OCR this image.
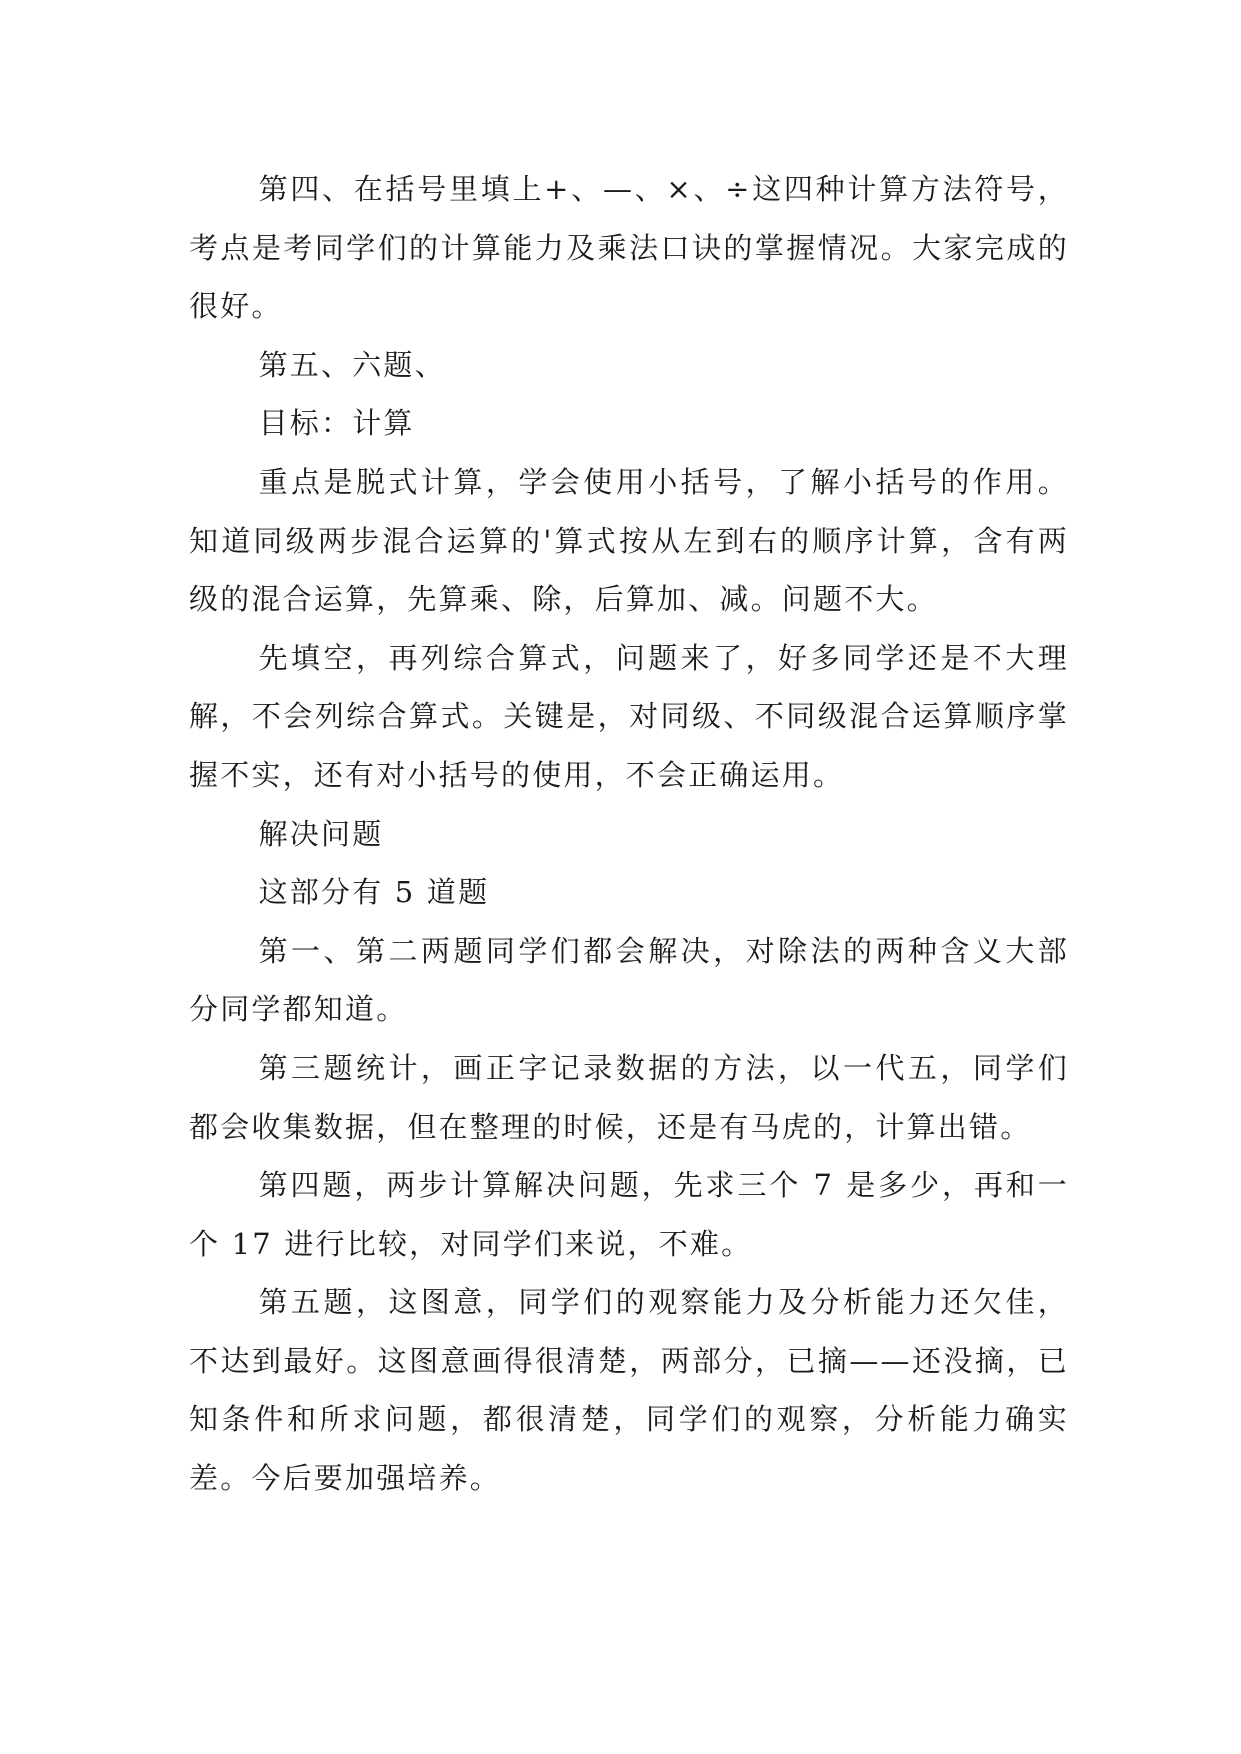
第四、在括号里填上+、—、×、÷这四种计算方法符号，考点是考同学们的计算能力及乘法口诀的掌握情况。大家完成的很好。

第五、六题、

目标：计算

重点是脱式计算，学会使用小括号，了解小括号的作用。知道同级两步混合运算的'算式按从左到右的顺序计算，含有两级的混合运算，先算乘、除，后算加、减。问题不大。

先填空，再列综合算式，问题来了，好多同学还是不大理解，不会列综合算式。关键是，对同级、不同级混合运算顺序掌握不实，还有对小括号的使用，不会正确运用。

解决问题

这部分有 5 道题

第一、第二两题同学们都会解决，对除法的两种含义大部分同学都知道。

第三题统计，画正字记录数据的方法，以一代五，同学们都会收集数据，但在整理的时候，还是有马虎的，计算出错。

第四题，两步计算解决问题，先求三个 7 是多少，再和一个 17 进行比较，对同学们来说，不难。

第五题，这图意，同学们的观察能力及分析能力还欠佳，不达到最好。这图意画得很清楚，两部分，已摘——还没摘，已知条件和所求问题，都很清楚，同学们的观察，分析能力确实差。今后要加强培养。
